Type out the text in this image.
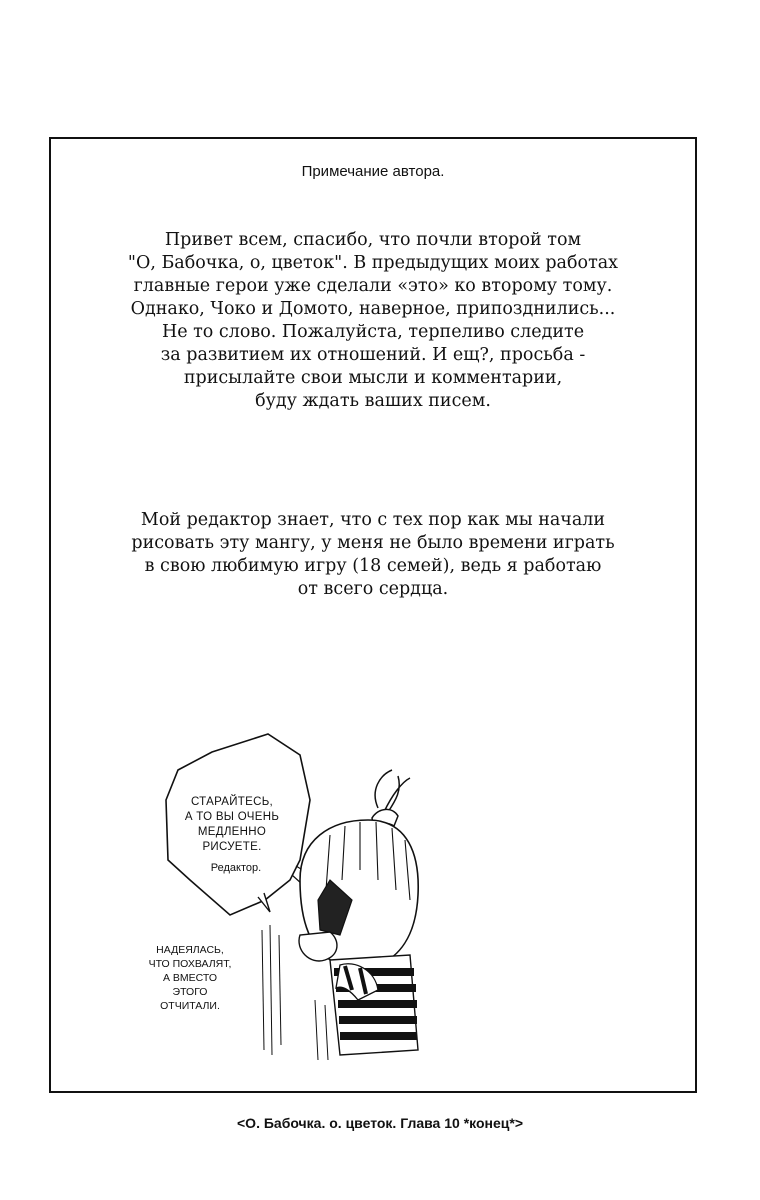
Примечание автора.
Привет всем, спасибо, что почли второй том
"О, Бабочка, о, цветок". В предыдущих моих работах
главные герои уже сделали «это» ко второму тому.
Однако, Чоко и Домото, наверное, припозднились...
Не то слово. Пожалуйста, терпеливо следите
за развитием их отношений. И ещ?, просьба -
присылайте свои мысли и комментарии,
буду ждать ваших писем.
Мой редактор знает, что с тех пор как мы начали
рисовать эту мангу, у меня не было времени играть
в свою любимую игру (18 семей), ведь я работаю
от всего сердца.
СТАРАЙТЕСЬ,
А ТО ВЫ ОЧЕНЬ
МЕДЛЕННО
РИСУЕТЕ.
Редактор.
НАДЕЯЛАСЬ,
ЧТО ПОХВАЛЯТ,
А ВМЕСТО
ЭТОГО
ОТЧИТАЛИ.
<О. Бабочка. о. цветок. Глава 10 *конец*>
